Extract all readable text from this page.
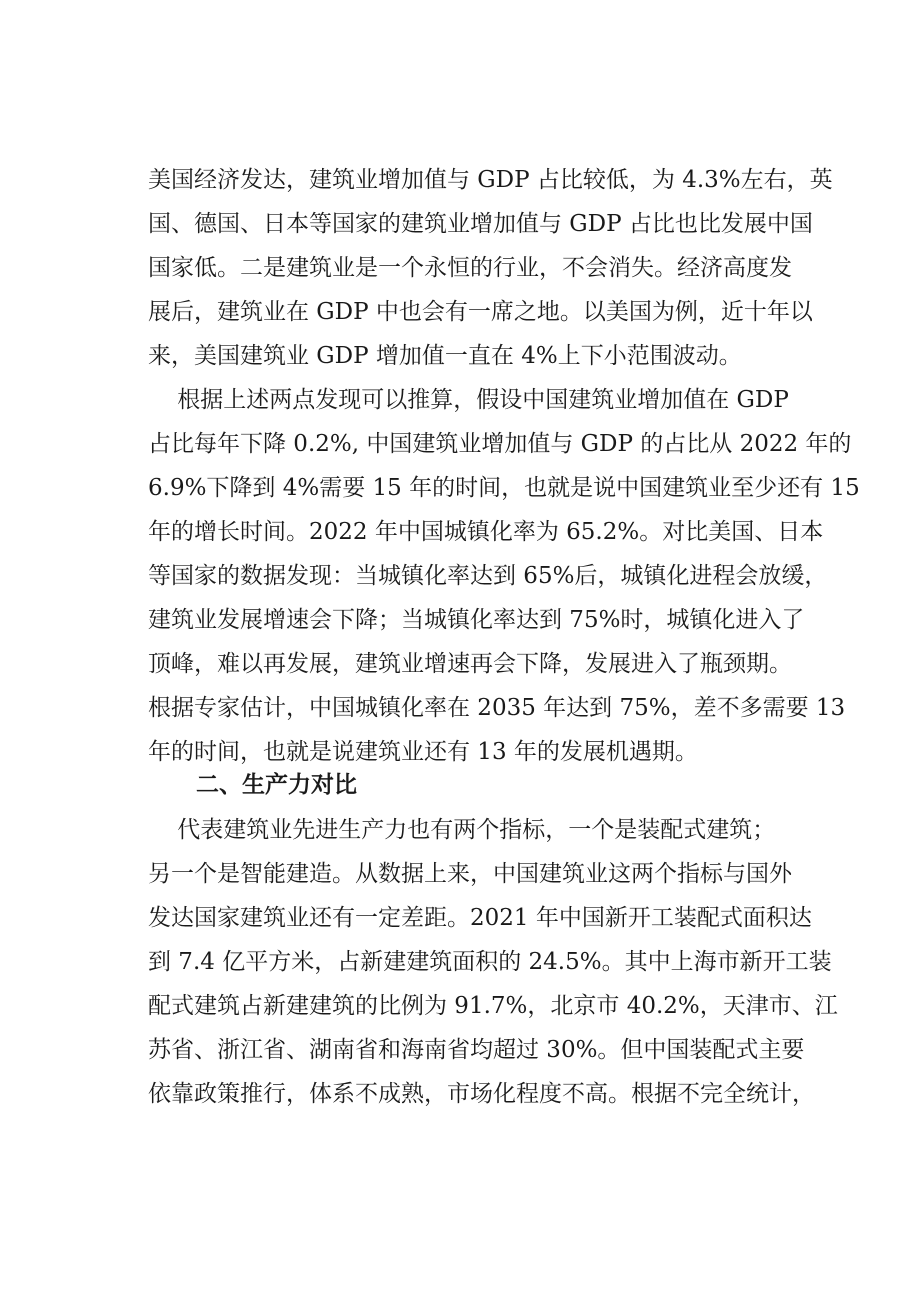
美国经济发达，建筑业增加值与 GDP 占比较低，为 4.3%左右，英
国、德国、日本等国家的建筑业增加值与 GDP 占比也比发展中国
国家低。二是建筑业是一个永恒的行业，不会消失。经济高度发
展后，建筑业在 GDP 中也会有一席之地。以美国为例，近十年以
来，美国建筑业 GDP 增加值一直在 4%上下小范围波动。
根据上述两点发现可以推算，假设中国建筑业增加值在 GDP
占比每年下降 0.2%, 中国建筑业增加值与 GDP 的占比从 2022 年的
6.9%下降到 4%需要 15 年的时间，也就是说中国建筑业至少还有 15
年的增长时间。2022 年中国城镇化率为 65.2%。对比美国、日本
等国家的数据发现：当城镇化率达到 65%后，城镇化进程会放缓，
建筑业发展增速会下降；当城镇化率达到 75%时，城镇化进入了
顶峰，难以再发展，建筑业增速再会下降，发展进入了瓶颈期。
根据专家估计，中国城镇化率在 2035 年达到 75%，差不多需要 13
年的时间，也就是说建筑业还有 13 年的发展机遇期。
二、生产力对比
代表建筑业先进生产力也有两个指标，一个是装配式建筑；
另一个是智能建造。从数据上来，中国建筑业这两个指标与国外
发达国家建筑业还有一定差距。2021 年中国新开工装配式面积达
到 7.4 亿平方米，占新建建筑面积的 24.5%。其中上海市新开工装
配式建筑占新建建筑的比例为 91.7%，北京市 40.2%，天津市、江
苏省、浙江省、湖南省和海南省均超过 30%。但中国装配式主要
依靠政策推行，体系不成熟，市场化程度不高。根据不完全统计，
